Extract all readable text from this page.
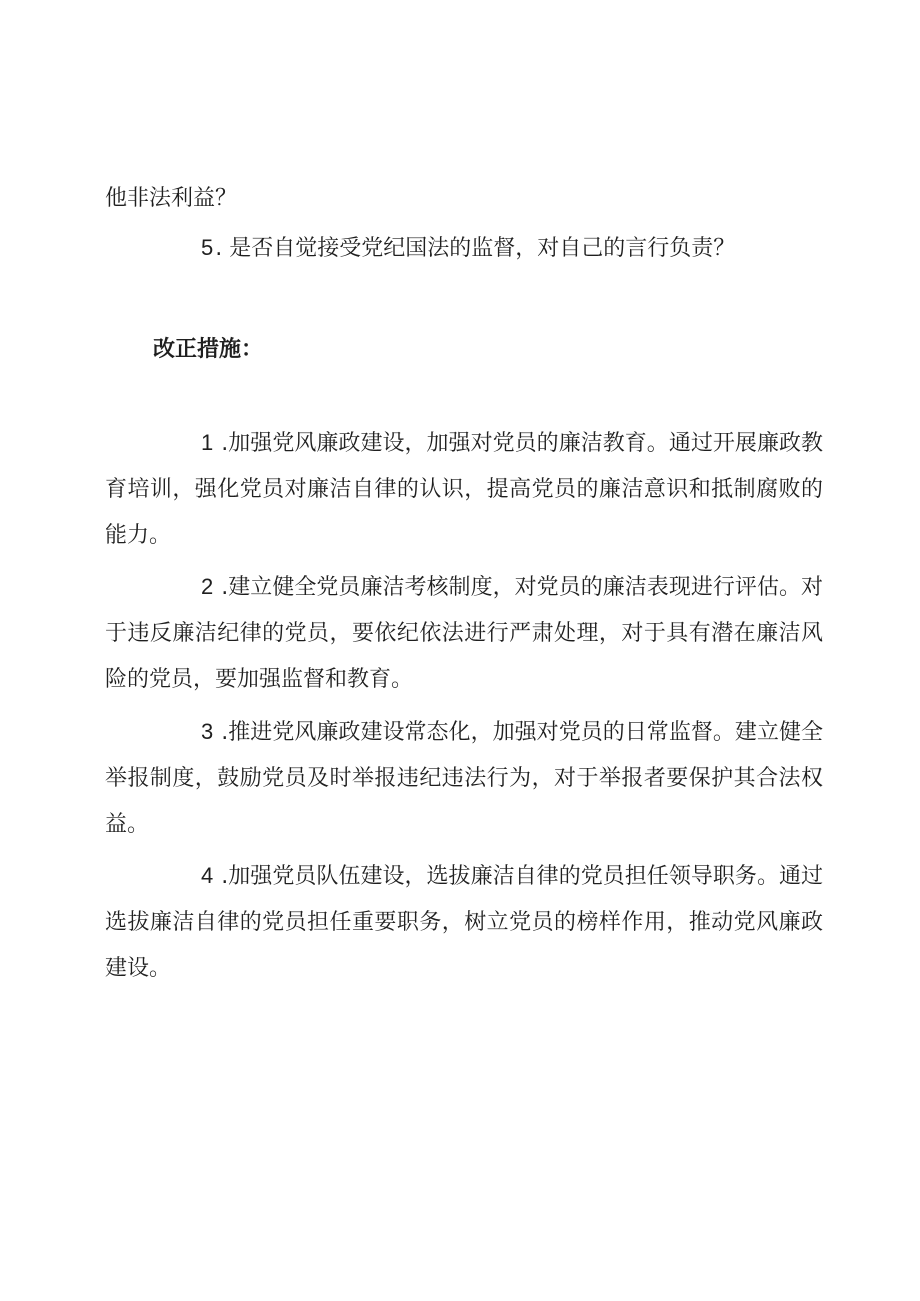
他非法利益？

5. 是否自觉接受党纪国法的监督，对自己的言行负责？

改正措施：

1 .加强党风廉政建设，加强对党员的廉洁教育。通过开展廉政教育培训，强化党员对廉洁自律的认识，提高党员的廉洁意识和抵制腐败的能力。

2 .建立健全党员廉洁考核制度，对党员的廉洁表现进行评估。对于违反廉洁纪律的党员，要依纪依法进行严肃处理，对于具有潜在廉洁风险的党员，要加强监督和教育。

3 .推进党风廉政建设常态化，加强对党员的日常监督。建立健全举报制度，鼓励党员及时举报违纪违法行为，对于举报者要保护其合法权益。

4 .加强党员队伍建设，选拔廉洁自律的党员担任领导职务。通过选拔廉洁自律的党员担任重要职务，树立党员的榜样作用，推动党风廉政建设。
